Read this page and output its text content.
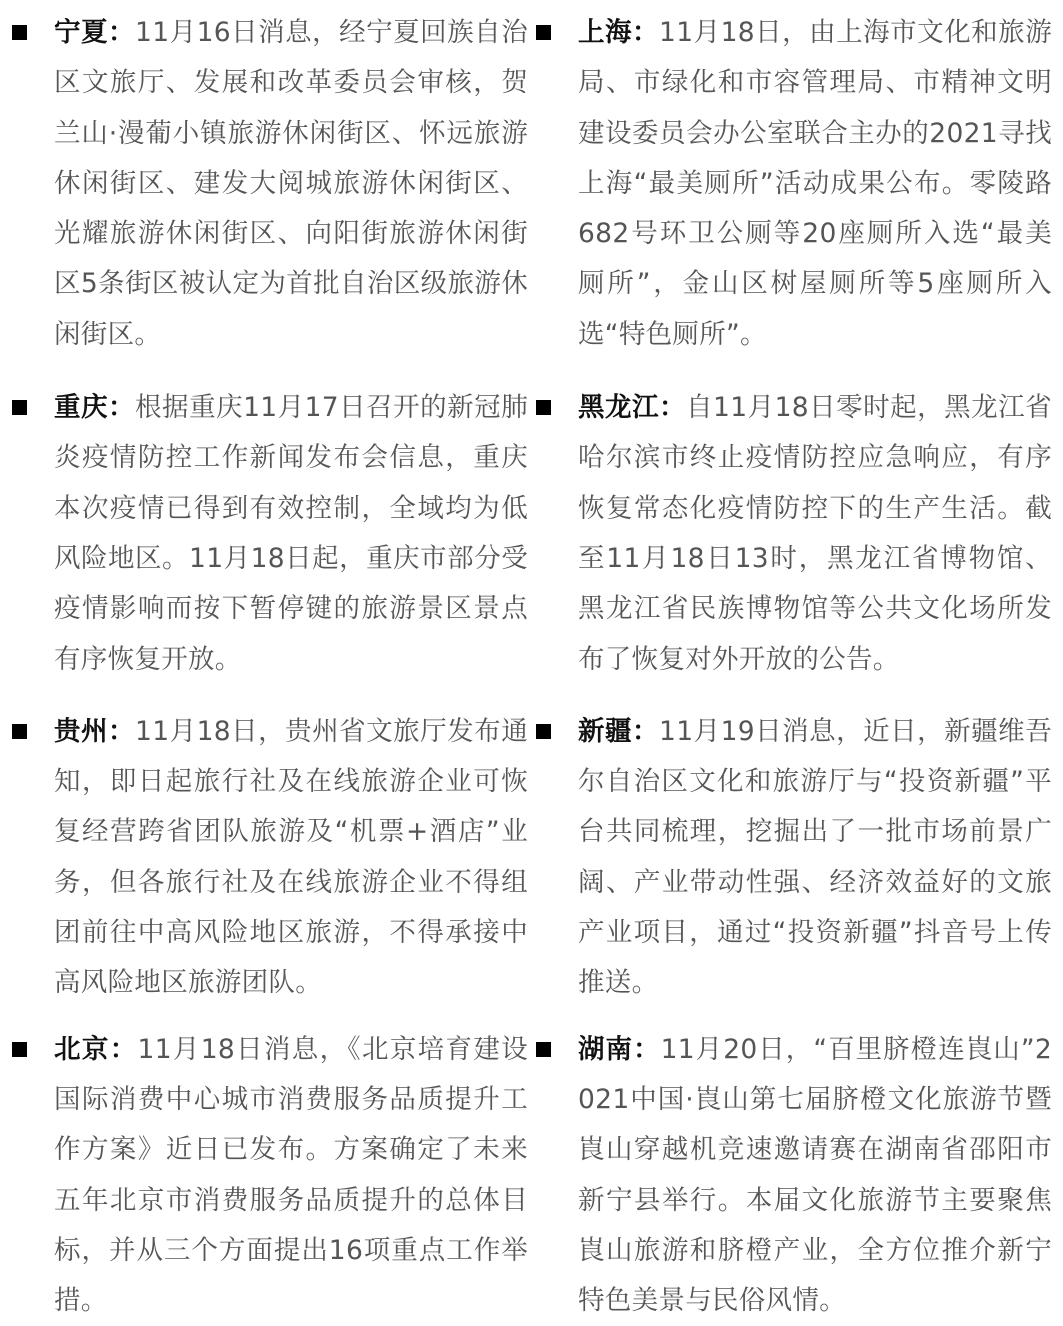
宁夏：11月16日消息，经宁夏回族自治区文旅厅、发展和改革委员会审核，贺兰山·漫葡小镇旅游休闲街区、怀远旅游休闲街区、建发大阅城旅游休闲街区、光耀旅游休闲街区、向阳街旅游休闲街区5条街区被认定为首批自治区级旅游休闲街区。
重庆：根据重庆11月17日召开的新冠肺炎疫情防控工作新闻发布会信息，重庆本次疫情已得到有效控制，全域均为低风险地区。11月18日起，重庆市部分受疫情影响而按下暂停键的旅游景区景点有序恢复开放。
贵州：11月18日，贵州省文旅厅发布通知，即日起旅行社及在线旅游企业可恢复经营跨省团队旅游及“机票+酒店”业务，但各旅行社及在线旅游企业不得组团前往中高风险地区旅游，不得承接中高风险地区旅游团队。
北京：11月18日消息，《北京培育建设国际消费中心城市消费服务品质提升工作方案》近日已发布。方案确定了未来五年北京市消费服务品质提升的总体目标，并从三个方面提出16项重点工作举措。
上海：11月18日，由上海市文化和旅游局、市绿化和市容管理局、市精神文明建设委员会办公室联合主办的2021寻找上海“最美厕所”活动成果公布。零陵路682号环卫公厕等20座厕所入选“最美厕所”，金山区树屋厕所等5座厕所入选“特色厕所”。
黑龙江：自11月18日零时起，黑龙江省哈尔滨市终止疫情防控应急响应，有序恢复常态化疫情防控下的生产生活。截至11月18日13时，黑龙江省博物馆、黑龙江省民族博物馆等公共文化场所发布了恢复对外开放的公告。
新疆：11月19日消息，近日，新疆维吾尔自治区文化和旅游厅与“投资新疆”平台共同梳理，挖掘出了一批市场前景广阔、产业带动性强、经济效益好的文旅产业项目，通过“投资新疆”抖音号上传推送。
湖南：11月20日，“百里脐橙连崀山”2021中国·崀山第七届脐橙文化旅游节暨崀山穿越机竞速邀请赛在湖南省邵阳市新宁县举行。本届文化旅游节主要聚焦崀山旅游和脐橙产业，全方位推介新宁特色美景与民俗风情。
